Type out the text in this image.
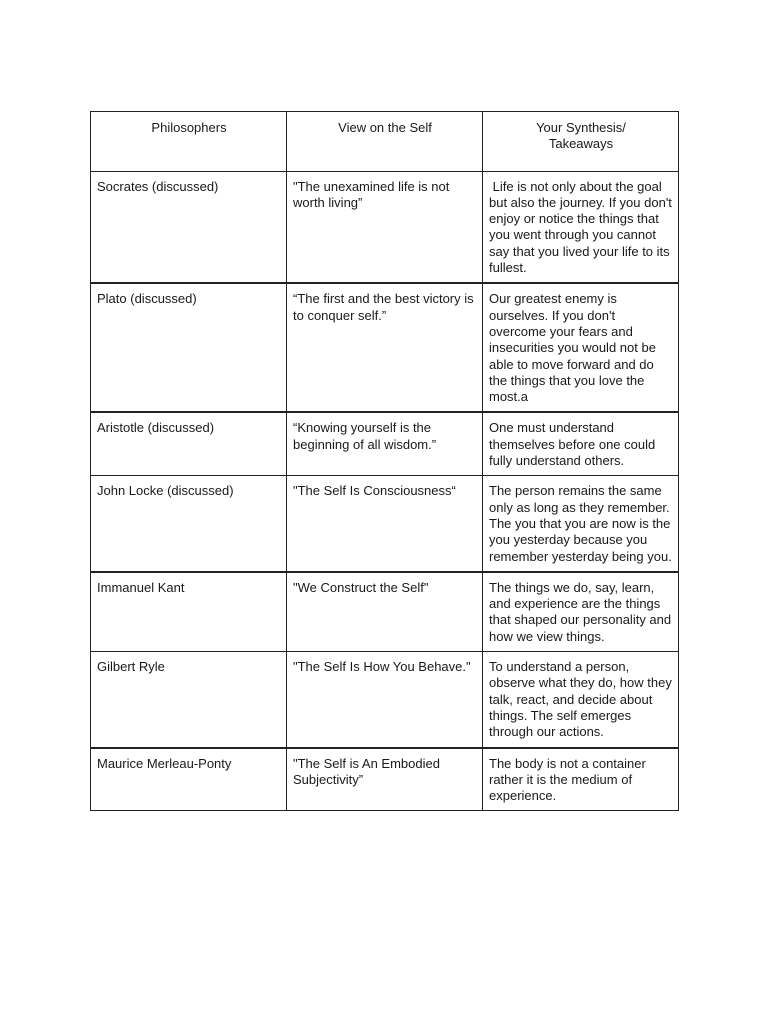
Philosophers	View on the Self	Your Synthesis/
Takeaways
Socrates (discussed)	"The unexamined life is not worth living”	Life is not only about the goal but also the journey. If you don't enjoy or notice the things that you went through you cannot say that you lived your life to its fullest.
Plato (discussed)	“The first and the best victory is to conquer self.”	Our greatest enemy is ourselves. If you don't overcome your fears and insecurities you would not be able to move forward and do the things that you love the most.a
Aristotle (discussed)	“Knowing yourself is the beginning of all wisdom.”	One must understand themselves before one could fully understand others.
John Locke (discussed)	"The Self Is Consciousness“	The person remains the same only as long as they remember. The you that you are now is the you yesterday because you remember yesterday being you.
Immanuel Kant	"We Construct the Self"	The things we do, say, learn, and experience are the things that shaped our personality and how we view things.
Gilbert Ryle	"The Self Is How You Behave."	To understand a person, observe what they do, how they talk, react, and decide about things. The self emerges through our actions.
Maurice Merleau-Ponty	"The Self is An Embodied Subjectivity”	The body is not a container rather it is the medium of experience.
